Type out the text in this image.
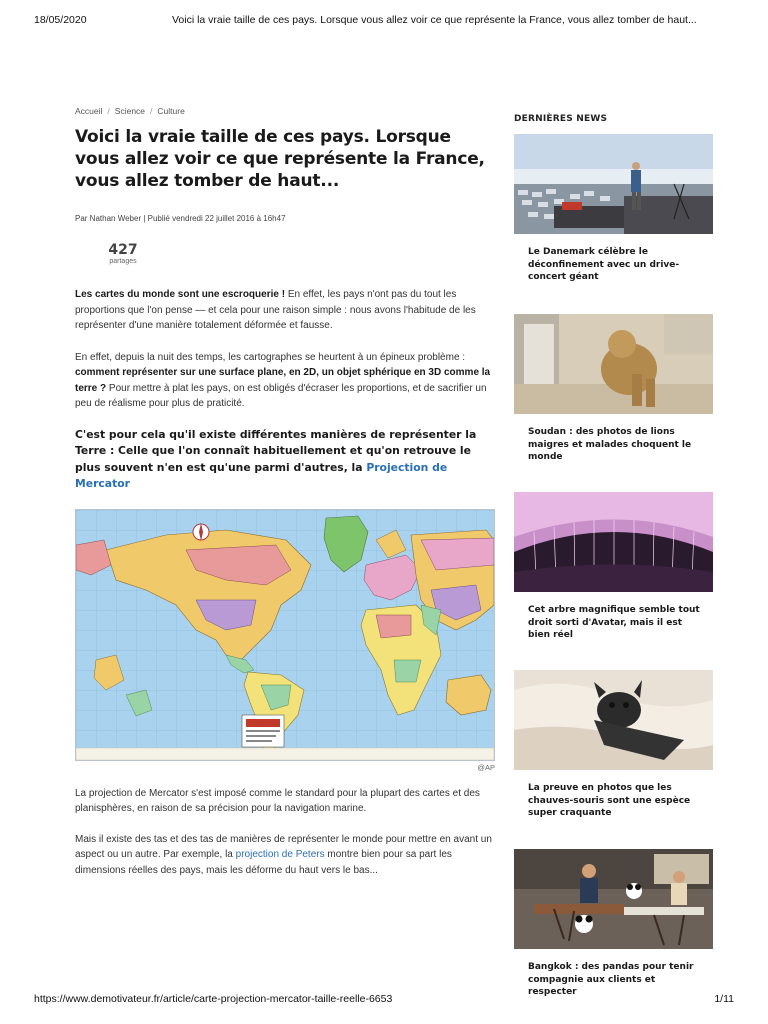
18/05/2020	Voici la vraie taille de ces pays. Lorsque vous allez voir ce que représente la France, vous allez tomber de haut...
Accueil / Science / Culture
Voici la vraie taille de ces pays. Lorsque vous allez voir ce que représente la France, vous allez tomber de haut...
Par Nathan Weber | Publié vendredi 22 juillet 2016 à 16h47
427
partages

Les cartes du monde sont une escroquerie ! En effet, les pays n'ont pas du tout les proportions que l'on pense — et cela pour une raison simple : nous avons l'habitude de les représenter d'une manière totalement déformée et fausse.

En effet, depuis la nuit des temps, les cartographes se heurtent à un épineux problème : comment représenter sur une surface plane, en 2D, un objet sphérique en 3D comme la terre ? Pour mettre à plat les pays, on est obligés d'écraser les proportions, et de sacrifier un peu de réalisme pour plus de praticité.

C'est pour cela qu'il existe différentes manières de représenter la Terre : Celle que l'on connaît habituellement et qu'on retrouve le plus souvent n'en est qu'une parmi d'autres, la Projection de Mercator

@AP

La projection de Mercator s'est imposé comme le standard pour la plupart des cartes et des planisphères, en raison de sa précision pour la navigation marine.

Mais il existe des tas et des tas de manières de représenter le monde pour mettre en avant un aspect ou un autre. Par exemple, la projection de Peters montre bien pour sa part les dimensions réelles des pays, mais les déforme du haut vers le bas...

DERNIÈRES NEWS
Le Danemark célèbre le déconfinement avec un drive-concert géant
Soudan : des photos de lions maigres et malades choquent le monde
Cet arbre magnifique semble tout droit sorti d'Avatar, mais il est bien réel
La preuve en photos que les chauves-souris sont une espèce super craquante
Bangkok : des pandas pour tenir compagnie aux clients et respecter
https://www.demotivateur.fr/article/carte-projection-mercator-taille-reelle-6653	1/11
